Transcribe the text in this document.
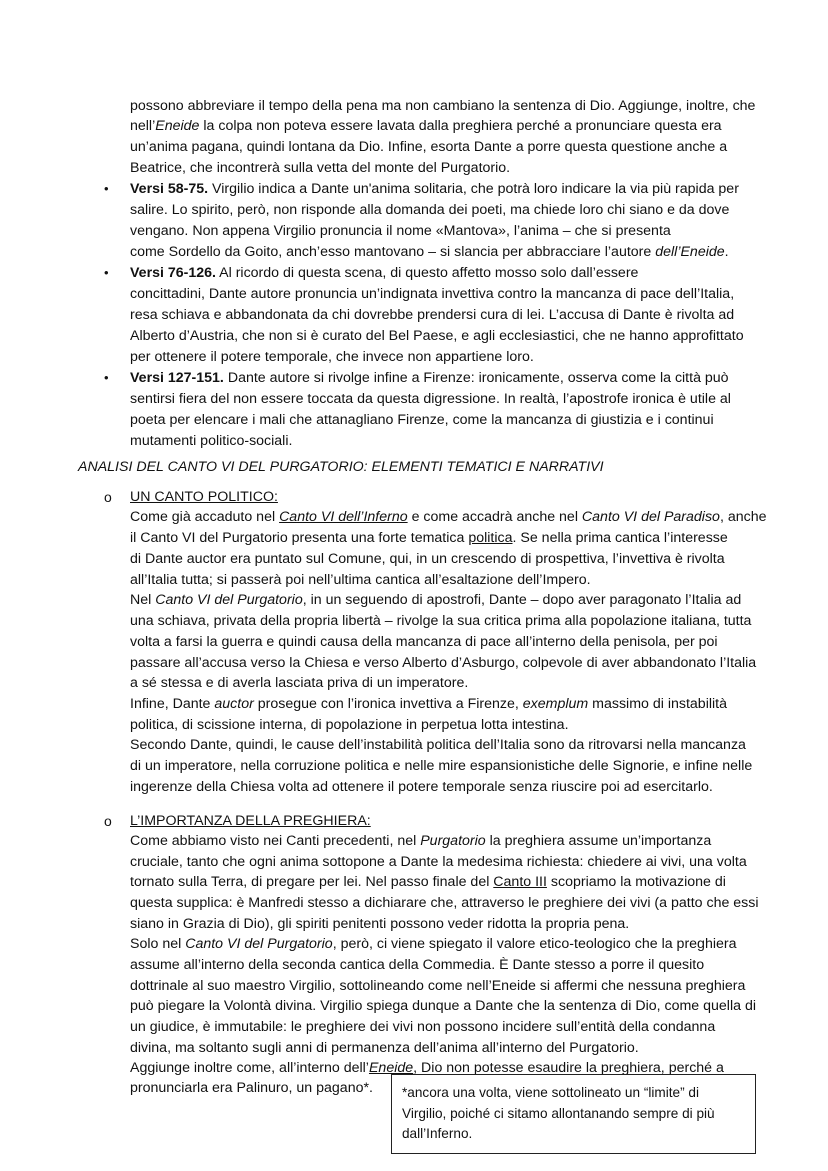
possono abbreviare il tempo della pena ma non cambiano la sentenza di Dio. Aggiunge, inoltre, che
nell’Eneide la colpa non poteva essere lavata dalla preghiera perché a pronunciare questa era
un’anima pagana, quindi lontana da Dio. Infine, esorta Dante a porre questa questione anche a
Beatrice, che incontrerà sulla vetta del monte del Purgatorio.
• Versi 58-75. Virgilio indica a Dante un'anima solitaria, che potrà loro indicare la via più rapida per
salire. Lo spirito, però, non risponde alla domanda dei poeti, ma chiede loro chi siano e da dove
vengano. Non appena Virgilio pronuncia il nome «Mantova», l’anima – che si presenta
come Sordello da Goito, anch’esso mantovano – si slancia per abbracciare l’autore dell’Eneide.
• Versi 76-126. Al ricordo di questa scena, di questo affetto mosso solo dall’essere
concittadini, Dante autore pronuncia un’indignata invettiva contro la mancanza di pace dell’Italia,
resa schiava e abbandonata da chi dovrebbe prendersi cura di lei. L’accusa di Dante è rivolta ad
Alberto d’Austria, che non si è curato del Bel Paese, e agli ecclesiastici, che ne hanno approfittato
per ottenere il potere temporale, che invece non appartiene loro.
• Versi 127-151. Dante autore si rivolge infine a Firenze: ironicamente, osserva come la città può
sentirsi fiera del non essere toccata da questa digressione. In realtà, l’apostrofe ironica è utile al
poeta per elencare i mali che attanagliano Firenze, come la mancanza di giustizia e i continui
mutamenti politico-sociali.
ANALISI DEL CANTO VI DEL PURGATORIO: ELEMENTI TEMATICI E NARRATIVI
o UN CANTO POLITICO:
Come già accaduto nel Canto VI dell’Inferno e come accadrà anche nel Canto VI del Paradiso, anche
il Canto VI del Purgatorio presenta una forte tematica politica. Se nella prima cantica l’interesse
di Dante auctor era puntato sul Comune, qui, in un crescendo di prospettiva, l’invettiva è rivolta
all’Italia tutta; si passerà poi nell’ultima cantica all’esaltazione dell’Impero.
Nel Canto VI del Purgatorio, in un seguendo di apostrofi, Dante – dopo aver paragonato l’Italia ad
una schiava, privata della propria libertà – rivolge la sua critica prima alla popolazione italiana, tutta
volta a farsi la guerra e quindi causa della mancanza di pace all’interno della penisola, per poi
passare all’accusa verso la Chiesa e verso Alberto d’Asburgo, colpevole di aver abbandonato l’Italia
a sé stessa e di averla lasciata priva di un imperatore.
Infine, Dante auctor prosegue con l’ironica invettiva a Firenze, exemplum massimo di instabilità
politica, di scissione interna, di popolazione in perpetua lotta intestina.
Secondo Dante, quindi, le cause dell’instabilità politica dell’Italia sono da ritrovarsi nella mancanza
di un imperatore, nella corruzione politica e nelle mire espansionistiche delle Signorie, e infine nelle
ingerenze della Chiesa volta ad ottenere il potere temporale senza riuscire poi ad esercitarlo.
o L’IMPORTANZA DELLA PREGHIERA:
Come abbiamo visto nei Canti precedenti, nel Purgatorio la preghiera assume un’importanza
cruciale, tanto che ogni anima sottopone a Dante la medesima richiesta: chiedere ai vivi, una volta
tornato sulla Terra, di pregare per lei. Nel passo finale del Canto III scopriamo la motivazione di
questa supplica: è Manfredi stesso a dichiarare che, attraverso le preghiere dei vivi (a patto che essi
siano in Grazia di Dio), gli spiriti penitenti possono veder ridotta la propria pena.
Solo nel Canto VI del Purgatorio, però, ci viene spiegato il valore etico-teologico che la preghiera
assume all’interno della seconda cantica della Commedia. È Dante stesso a porre il quesito
dottrinale al suo maestro Virgilio, sottolineando come nell’Eneide si affermi che nessuna preghiera
può piegare la Volontà divina. Virgilio spiega dunque a Dante che la sentenza di Dio, come quella di
un giudice, è immutabile: le preghiere dei vivi non possono incidere sull’entità della condanna
divina, ma soltanto sugli anni di permanenza dell’anima all’interno del Purgatorio.
Aggiunge inoltre come, all’interno dell’Eneide, Dio non potesse esaudire la preghiera, perché a
pronunciarla era Palinuro, un pagano*. *ancora una volta, viene sottolineato un “limite” di
Virgilio, poiché ci sitamo allontanando sempre di più
dall’Inferno.
